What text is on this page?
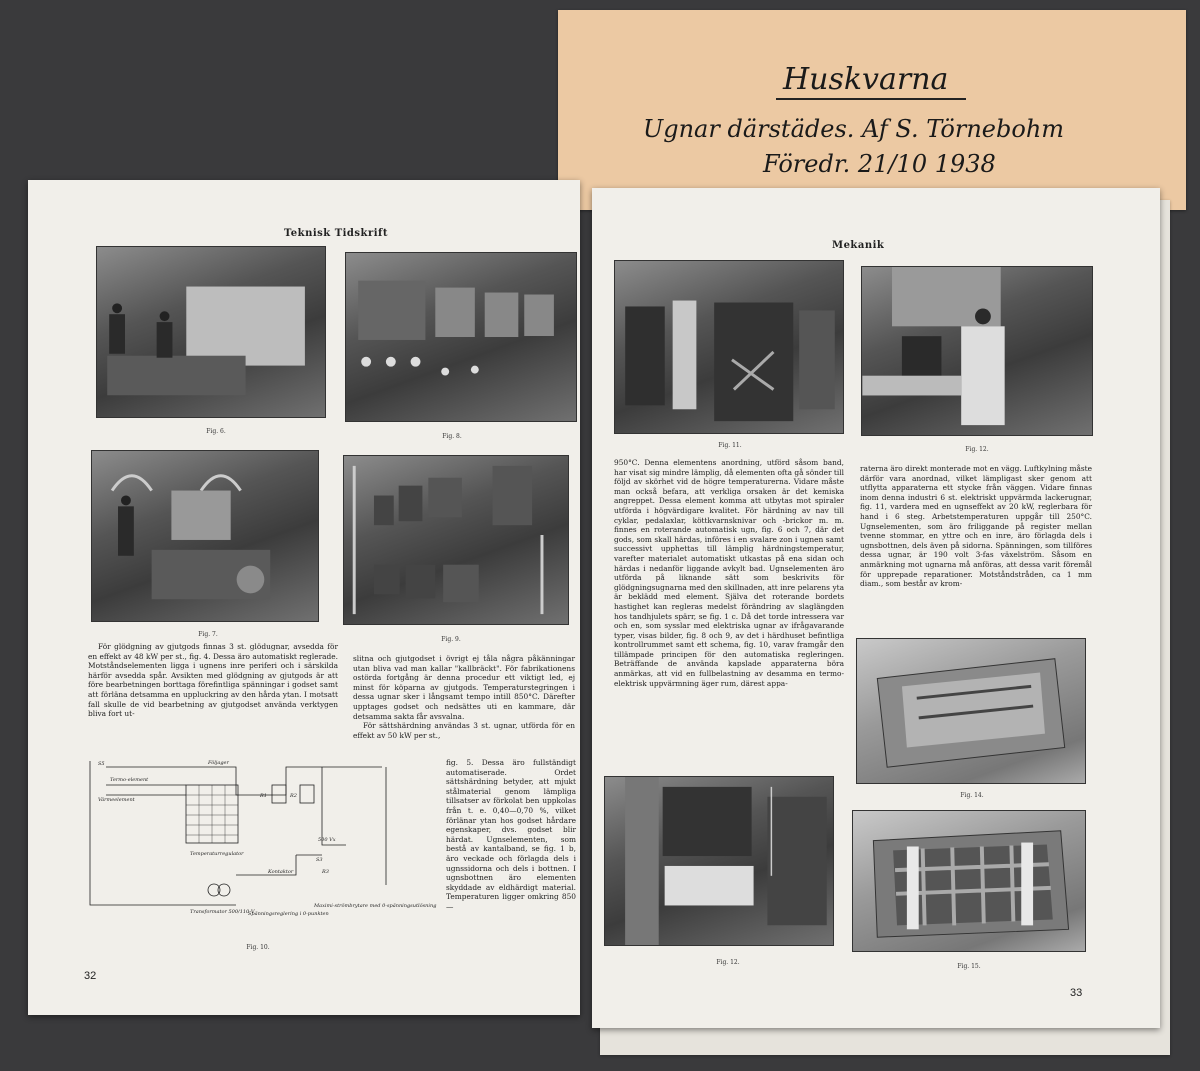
Huskvarna
Ugnar därstädes. Af S. Törnebohm
Föredr. 21/10 1938
Teknisk Tidskrift
Fig. 6.
Fig. 8.
Fig. 7.
Fig. 9.

För glödgning av gjutgods finnas 3 st. glödugnar, avsedda för en effekt av 48 kW per st., fig. 4. Dessa äro automatiskt reglerade. Motståndselementen ligga i ugnens inre periferi och i särskilda härför avsedda spår. Avsikten med glödgning av gjutgods är att före bearbetningen borttaga förefintliga spänningar i godset samt att förläna detsamma en uppluckring av den hårda ytan. I motsatt fall skulle de vid bearbetning av gjutgodset använda verktygen bliva fort ut-

slitna och gjutgodset i övrigt ej tåla några påkänningar utan bliva vad man kallar "kallbräckt". För fabrikationens ostörda fortgång är denna procedur ett viktigt led, ej minst för köparna av gjutgods. Temperaturstegringen i dessa ugnar sker i långsamt tempo intill 850°C. Därefter upptages godset och nedsättes uti en kammare, där detsamma sakta får avsvalna.

För sättshärdning användas 3 st. ugnar, utförda för en effekt av 50 kW per st.,

fig. 5. Dessa äro fullständigt automatiserade. Ordet sättshärdning betyder, att mjukt stålmaterial genom lämpliga tillsatser av förkolat ben uppkolas från t. e. 0,40—0,70 %, vilket förlänar ytan hos godset hårdare egenskaper, dvs. godset blir härdat. Ugnselementen, som bestå av kantalband, se fig. 1 b, äro veckade och förlagda dels i ugnssidorna och dels i bottnen. I ugnsbottnen äro elementen skyddade av eldhärdigt material. Temperaturen ligger omkring 850—

S5	Följager
Termo-element
Värmeelement
Temperaturregulator
R1	R2
Kontaktor
500 Vx
S3
R3
Transformator 500/110 V
Spänningsreglering i 0-punkten
Maximi-strömbrytare med 0-spänningsutlösning
Fig. 10.
32
Mekanik
Fig. 11.
Fig. 12.

950°C. Denna elementens anordning, utförd såsom band, har visat sig mindre lämplig, då elementen ofta gå sönder till följd av skörhet vid de högre temperaturerna. Vidare måste man också befara, att verkliga orsaken är det kemiska angreppet. Dessa element komma att utbytas mot spiraler utförda i högvärdigare kvalitet. För härdning av nav till cyklar, pedalaxlar, köttkvarnsknivar och -brickor m. m. finnes en roterande automatisk ugn, fig. 6 och 7, där det gods, som skall härdas, införes i en svalare zon i ugnen samt successivt upphettas till lämplig härdningstemperatur, varefter materialet automatiskt utkastas på ena sidan och härdas i nedanför liggande avkylt bad. Ugnselementen äro utförda på liknande sätt som beskrivits för glödgningsugnarna med den skillnaden, att inre pelarens yta är beklädd med element. Själva det roterande bordets hastighet kan regleras medelst förändring av slaglängden hos tandhjulets spärr, se fig. 1 c. Då det torde intressera var och en, som sysslar med elektriska ugnar av ifrågavarande typer, visas bilder, fig. 8 och 9, av det i härdhuset befintliga kontrollrummet samt ett schema, fig. 10, varav framgår den tillämpade principen för den automatiska regleringen. Beträffande de använda kapslade apparaterna böra anmärkas, att vid en fullbelastning av desamma en termo-elektrisk uppvärmning äger rum, därest appa-

raterna äro direkt monterade mot en vägg. Luftkylning måste därför vara anordnad, vilket lämpligast sker genom att utflytta apparaterna ett stycke från väggen. Vidare finnas inom denna industri 6 st. elektriskt uppvärmda lackerugnar, fig. 11, vardera med en ugnseffekt av 20 kW, reglerbara för hand i 6 steg. Arbetstemperaturen uppgår till 250°C. Ugnselementen, som äro friliggande på register mellan tvenne stommar, en yttre och en inre, äro förlagda dels i ugnsbottnen, dels även på sidorna. Spänningen, som tillföres dessa ugnar, är 190 volt 3-fas växelström. Såsom en anmärkning mot ugnarna må anföras, att dessa varit föremål för upprepade reparationer. Motståndstråden, ca 1 mm diam., som består av krom-

Fig. 14.
Fig. 12.
Fig. 15.
33
